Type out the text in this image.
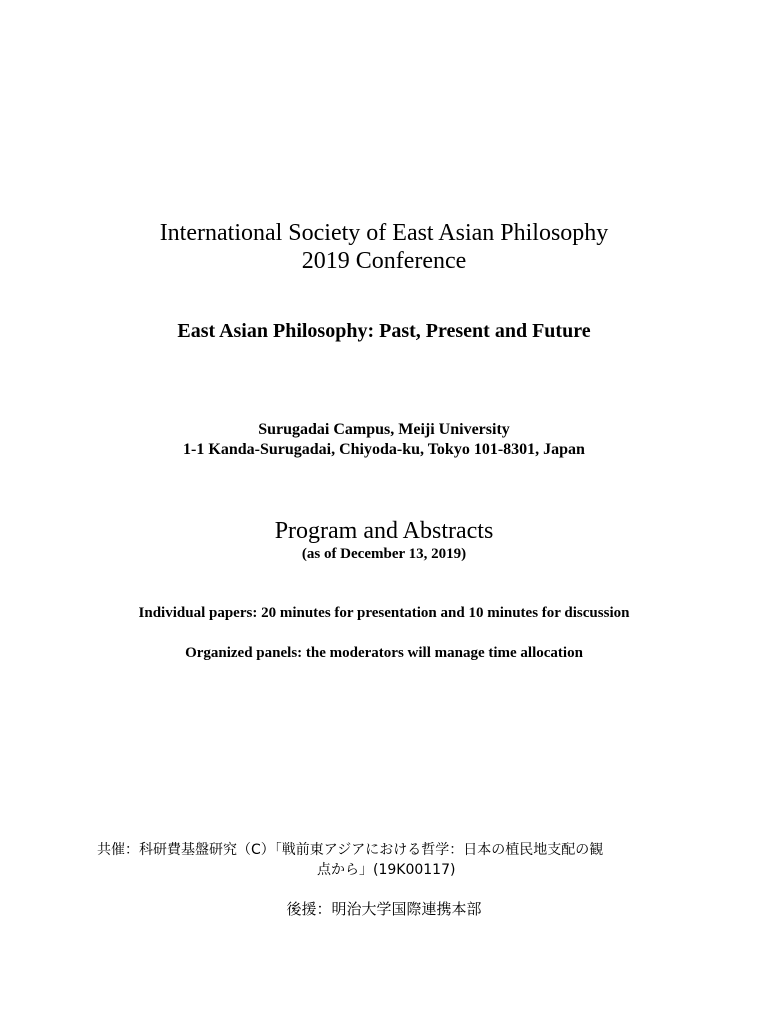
International Society of East Asian Philosophy
2019 Conference
East Asian Philosophy: Past, Present and Future
Surugadai Campus, Meiji University
1-1 Kanda-Surugadai, Chiyoda-ku, Tokyo 101-8301, Japan
Program and Abstracts
(as of December 13, 2019)
Individual papers: 20 minutes for presentation and 10 minutes for discussion
Organized panels: the moderators will manage time allocation
共催：科研費基盤研究（C）「戦前東アジアにおける哲学：日本の植民地支配の観
点から」(19K00117)
後援：明治大学国際連携本部
